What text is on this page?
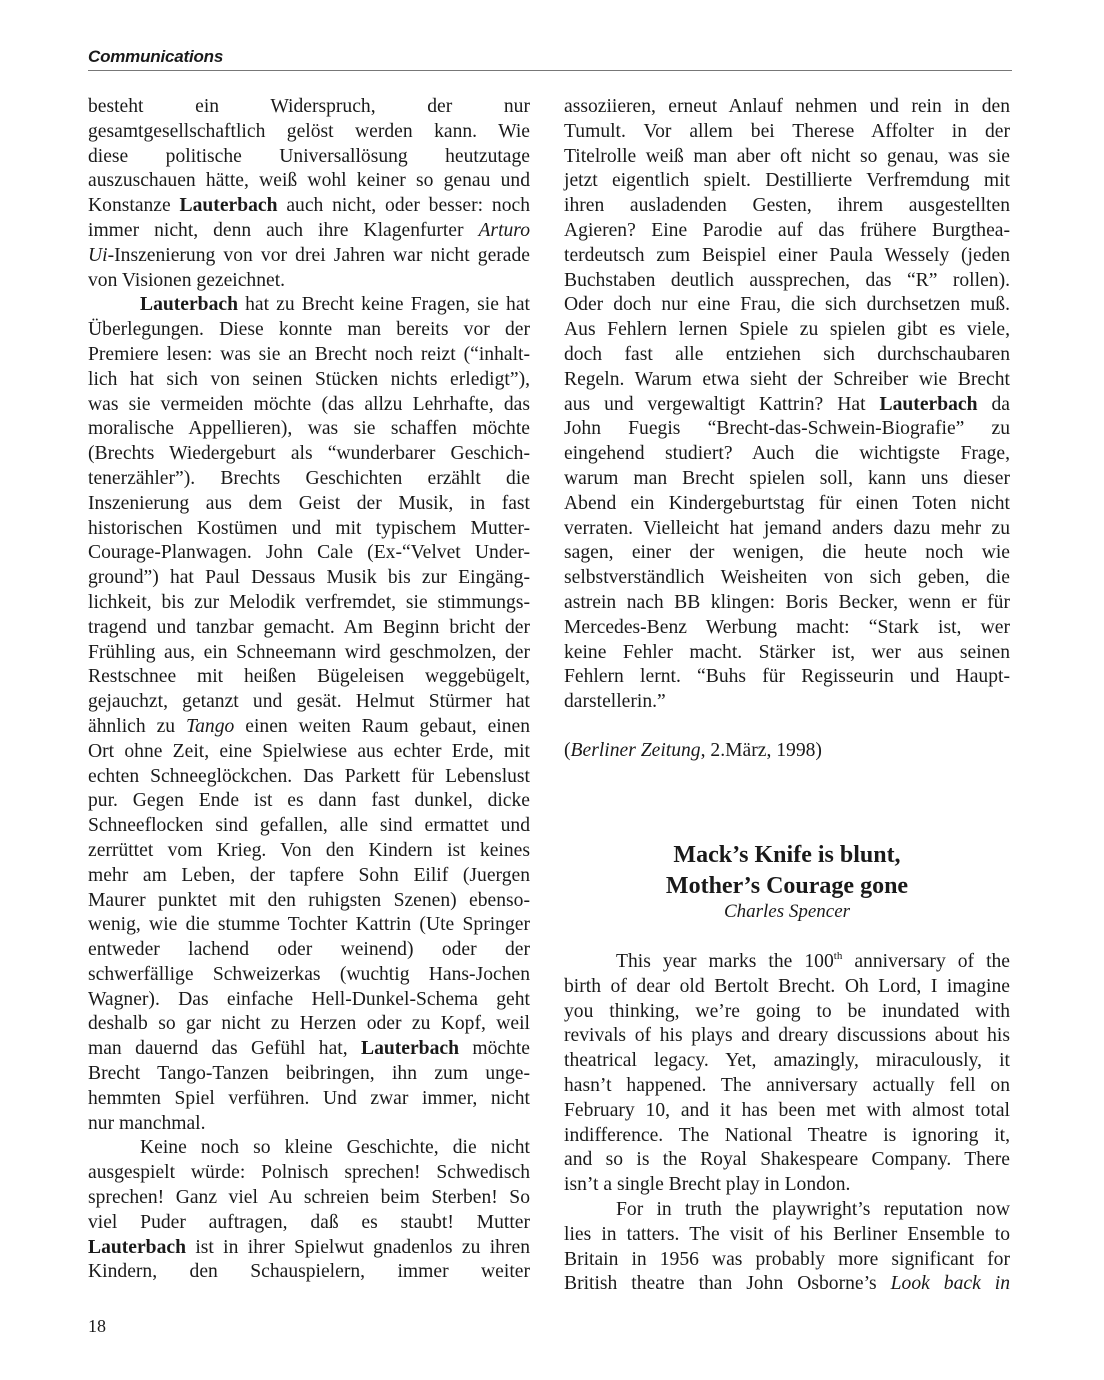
Communications

besteht ein Widerspruch, der nur
gesamtgesellschaftlich gelöst werden kann. Wie
diese politische Universallösung heutzutage
auszuschauen hätte, weiß wohl keiner so genau und
Konstanze Lauterbach auch nicht, oder besser: noch
immer nicht, denn auch ihre Klagenfurter Arturo
Ui-Inszenierung von vor drei Jahren war nicht gerade
von Visionen gezeichnet.

Lauterbach hat zu Brecht keine Fragen, sie hat
Überlegungen. Diese konnte man bereits vor der
Premiere lesen: was sie an Brecht noch reizt (“inhalt-
lich hat sich von seinen Stücken nichts erledigt”),
was sie vermeiden möchte (das allzu Lehrhafte, das
moralische Appellieren), was sie schaffen möchte
(Brechts Wiedergeburt als “wunderbarer Geschich-
tenerzähler”). Brechts Geschichten erzählt die
Inszenierung aus dem Geist der Musik, in fast
historischen Kostümen und mit typischem Mutter-
Courage-Planwagen. John Cale (Ex-“Velvet Under-
ground”) hat Paul Dessaus Musik bis zur Eingäng-
lichkeit, bis zur Melodik verfremdet, sie stimmungs-
tragend und tanzbar gemacht. Am Beginn bricht der
Frühling aus, ein Schneemann wird geschmolzen, der
Restschnee mit heißen Bügeleisen weggebügelt,
gejauchzt, getanzt und gesät. Helmut Stürmer hat
ähnlich zu Tango einen weiten Raum gebaut, einen
Ort ohne Zeit, eine Spielwiese aus echter Erde, mit
echten Schneeglöckchen. Das Parkett für Lebenslust
pur. Gegen Ende ist es dann fast dunkel, dicke
Schneeflocken sind gefallen, alle sind ermattet und
zerrüttet vom Krieg. Von den Kindern ist keines
mehr am Leben, der tapfere Sohn Eilif (Juergen
Maurer punktet mit den ruhigsten Szenen) ebenso-
wenig, wie die stumme Tochter Kattrin (Ute Springer
entweder lachend oder weinend) oder der
schwerfällige Schweizerkas (wuchtig Hans-Jochen
Wagner). Das einfache Hell-Dunkel-Schema geht
deshalb so gar nicht zu Herzen oder zu Kopf, weil
man dauernd das Gefühl hat, Lauterbach möchte
Brecht Tango-Tanzen beibringen, ihn zum unge-
hemmten Spiel verführen. Und zwar immer, nicht
nur manchmal.

Keine noch so kleine Geschichte, die nicht
ausgespielt würde: Polnisch sprechen! Schwedisch
sprechen! Ganz viel Au schreien beim Sterben! So
viel Puder auftragen, daß es staubt! Mutter
Lauterbach ist in ihrer Spielwut gnadenlos zu ihren
Kindern, den Schauspielern, immer weiter

assoziieren, erneut Anlauf nehmen und rein in den
Tumult. Vor allem bei Therese Affolter in der
Titelrolle weiß man aber oft nicht so genau, was sie
jetzt eigentlich spielt. Destillierte Verfremdung mit
ihren ausladenden Gesten, ihrem ausgestellten
Agieren? Eine Parodie auf das frühere Burgthea-
terdeutsch zum Beispiel einer Paula Wessely (jeden
Buchstaben deutlich aussprechen, das “R” rollen).
Oder doch nur eine Frau, die sich durchsetzen muß.
Aus Fehlern lernen Spiele zu spielen gibt es viele,
doch fast alle entziehen sich durchschaubaren
Regeln. Warum etwa sieht der Schreiber wie Brecht
aus und vergewaltigt Kattrin? Hat Lauterbach da
John Fuegis “Brecht-das-Schwein-Biografie” zu
eingehend studiert? Auch die wichtigste Frage,
warum man Brecht spielen soll, kann uns dieser
Abend ein Kindergeburtstag für einen Toten nicht
verraten. Vielleicht hat jemand anders dazu mehr zu
sagen, einer der wenigen, die heute noch wie
selbstverständlich Weisheiten von sich geben, die
astrein nach BB klingen: Boris Becker, wenn er für
Mercedes-Benz Werbung macht: “Stark ist, wer
keine Fehler macht. Stärker ist, wer aus seinen
Fehlern lernt. “Buhs für Regisseurin und Haupt-
darstellerin.”

(Berliner Zeitung, 2.März, 1998)
Mack’s Knife is blunt,
Mother’s Courage gone
Charles Spencer

This year marks the 100th anniversary of the
birth of dear old Bertolt Brecht. Oh Lord, I imagine
you thinking, we’re going to be inundated with
revivals of his plays and dreary discussions about his
theatrical legacy. Yet, amazingly, miraculously, it
hasn’t happened. The anniversary actually fell on
February 10, and it has been met with almost total
indifference. The National Theatre is ignoring it,
and so is the Royal Shakespeare Company. There
isn’t a single Brecht play in London.

For in truth the playwright’s reputation now
lies in tatters. The visit of his Berliner Ensemble to
Britain in 1956 was probably more significant for
British theatre than John Osborne’s Look back in

18
